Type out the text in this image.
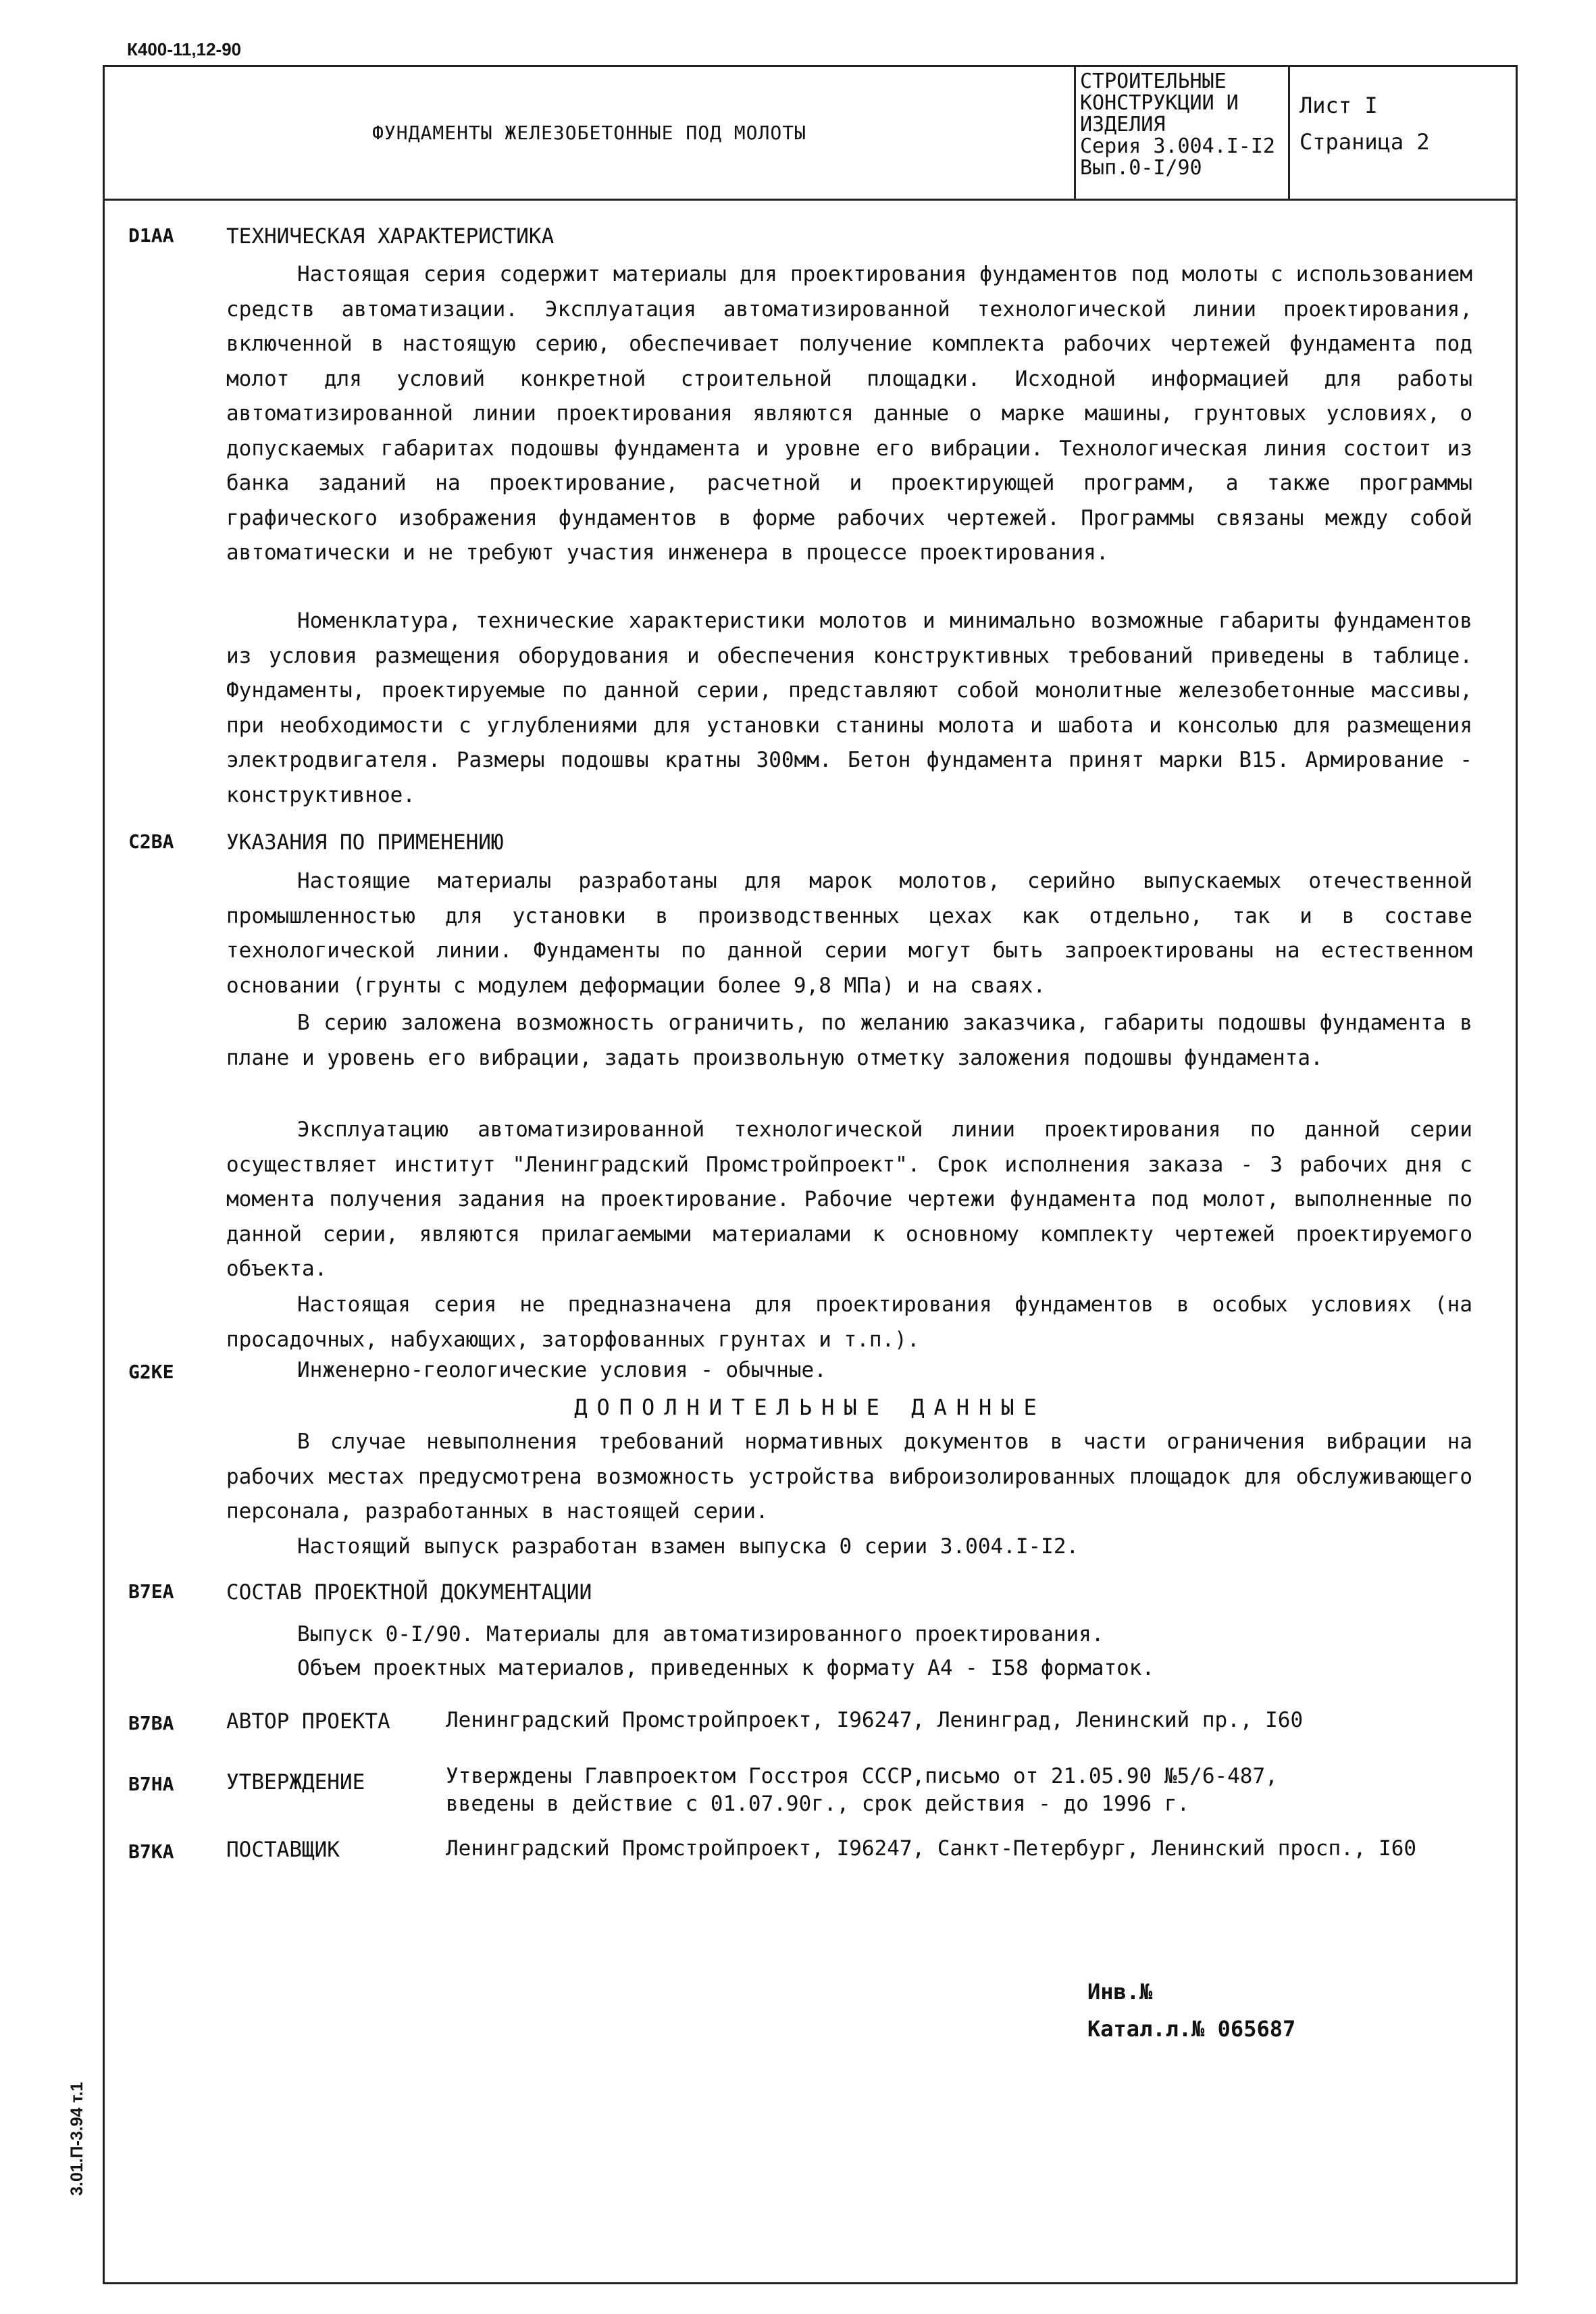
К400-11,12-90
3.01.П-3.94 т.1
ФУНДАМЕНТЫ ЖЕЛЕЗОБЕТОННЫЕ ПОД МОЛОТЫ
СТРОИТЕЛЬНЫЕ
КОНСТРУКЦИИ И
ИЗДЕЛИЯ
Серия 3.004.I-I2
Вып.0-I/90
Лист I
Страница 2
D1AA	ТЕХНИЧЕСКАЯ ХАРАКТЕРИСТИКА

Настоящая серия содержит материалы для проектирования фундаментов под молоты с использованием средств автоматизации. Эксплуатация автоматизированной технологической линии проектирования, включенной в настоящую серию, обеспечивает получение комплекта рабочих чертежей фундамента под молот для условий конкретной строительной площадки. Исходной информацией для работы автоматизированной линии проектирования являются данные о марке машины, грунтовых условиях, о допускаемых габаритах подошвы фундамента и уровне его вибрации. Технологическая линия состоит из банка заданий на проектирование, расчетной и проектирующей программ, а также программы графического изображения фундаментов в форме рабочих чертежей. Программы связаны между собой автоматически и не требуют участия инженера в процессе проектирования.

Номенклатура, технические характеристики молотов и минимально возможные габариты фундаментов из условия размещения оборудования и обеспечения конструктивных требований приведены в таблице. Фундаменты, проектируемые по данной серии, представляют собой монолитные железобетонные массивы, при необходимости с углублениями для установки станины молота и шабота и консолью для размещения электродвигателя. Размеры подошвы кратны 300мм. Бетон фундамента принят марки В15. Армирование - конструктивное.

C2BA	УКАЗАНИЯ ПО ПРИМЕНЕНИЮ

Настоящие материалы разработаны для марок молотов, серийно выпускаемых отечественной промышленностью для установки в производственных цехах как отдельно, так и в составе технологической линии. Фундаменты по данной серии могут быть запроектированы на естественном основании (грунты с модулем деформации более 9,8 МПа) и на сваях.

В серию заложена возможность ограничить, по желанию заказчика, габариты подошвы фундамента в плане и уровень его вибрации, задать произвольную отметку заложения подошвы фундамента.

Эксплуатацию автоматизированной технологической линии проектирования по данной серии осуществляет институт "Ленинградский Промстройпроект". Срок исполнения заказа - 3 рабочих дня с момента получения задания на проектирование. Рабочие чертежи фундамента под молот, выполненные по данной серии, являются прилагаемыми материалами к основному комплекту чертежей проектируемого объекта.

Настоящая серия не предназначена для проектирования фундаментов в особых условиях (на просадочных, набухающих, заторфованных грунтах и т.п.).

G2KE	Инженерно-геологические условия - обычные.

ДОПОЛНИТЕЛЬНЫЕ ДАННЫЕ

В случае невыполнения требований нормативных документов в части ограничения вибрации на рабочих местах предусмотрена возможность устройства виброизолированных площадок для обслуживающего персонала, разработанных в настоящей серии.

Настоящий выпуск разработан взамен выпуска 0 серии 3.004.I-I2.

B7EA	СОСТАВ ПРОЕКТНОЙ ДОКУМЕНТАЦИИ

Выпуск 0-I/90. Материалы для автоматизированного проектирования.

Объем проектных материалов, приведенных к формату А4 - I58 форматок.

B7BA	АВТОР ПРОЕКТА	Ленинградский Промстройпроект, I96247, Ленинград, Ленинский пр., I60
B7HA	УТВЕРЖДЕНИЕ	Утверждены Главпроектом Госстроя СССР,письмо от 21.05.90 №5/6-487,
введены в действие с 01.07.90г., срок действия - до 1996 г.
B7KA	ПОСТАВЩИК	Ленинградский Промстройпроект, I96247, Санкт-Петербург, Ленинский просп., I60
Инв.№
Катал.л.№ 065687
